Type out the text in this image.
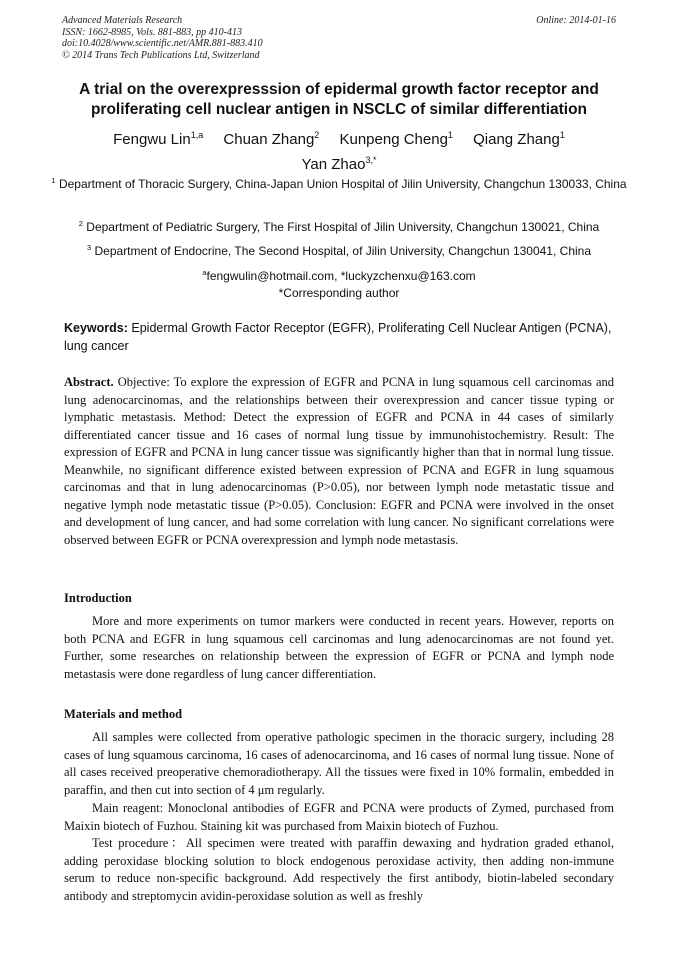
Advanced Materials Research
ISSN: 1662-8985, Vols. 881-883, pp 410-413
doi:10.4028/www.scientific.net/AMR.881-883.410
© 2014 Trans Tech Publications Ltd, Switzerland
Online: 2014-01-16
A trial on the overexpresssion of epidermal growth factor receptor and proliferating cell nuclear antigen in NSCLC of similar differentiation
Fengwu Lin$^{1,a}$ Chuan Zhang$^2$ Kunpeng Cheng$^1$ Qiang Zhang$^1$
Yan Zhao$^{3,*}$
$^1$ Department of Thoracic Surgery, China-Japan Union Hospital of Jilin University, Changchun 130033, China
$^2$ Department of Pediatric Surgery, The First Hospital of Jilin University, Changchun 130021, China
$^3$ Department of Endocrine, The Second Hospital, of Jilin University, Changchun 130041, China
$^a$fengwulin@hotmail.com, *luckyzchenxu@163.com
*Corresponding author
Keywords: Epidermal Growth Factor Receptor (EGFR), Proliferating Cell Nuclear Antigen (PCNA), lung cancer
Abstract. Objective: To explore the expression of EGFR and PCNA in lung squamous cell carcinomas and lung adenocarcinomas, and the relationships between their overexpression and cancer tissue typing or lymphatic metastasis. Method: Detect the expression of EGFR and PCNA in 44 cases of similarly differentiated cancer tissue and 16 cases of normal lung tissue by immunohistochemistry. Result: The expression of EGFR and PCNA in lung cancer tissue was significantly higher than that in normal lung tissue. Meanwhile, no significant difference existed between expression of PCNA and EGFR in lung squamous carcinomas and that in lung adenocarcinomas (P>0.05), nor between lymph node metastatic tissue and negative lymph node metastatic tissue (P>0.05). Conclusion: EGFR and PCNA were involved in the onset and development of lung cancer, and had some correlation with lung cancer. No significant correlations were observed between EGFR or PCNA overexpression and lymph node metastasis.
Introduction
More and more experiments on tumor markers were conducted in recent years. However, reports on both PCNA and EGFR in lung squamous cell carcinomas and lung adenocarcinomas are not found yet. Further, some researches on relationship between the expression of EGFR or PCNA and lymph node metastasis were done regardless of lung cancer differentiation.
Materials and method
All samples were collected from operative pathologic specimen in the thoracic surgery, including 28 cases of lung squamous carcinoma, 16 cases of adenocarcinoma, and 16 cases of normal lung tissue. None of all cases received preoperative chemoradiotherapy. All the tissues were fixed in 10% formalin, embedded in paraffin, and then cut into section of 4 μm regularly.
Main reagent: Monoclonal antibodies of EGFR and PCNA were products of Zymed, purchased from Maixin biotech of Fuzhou. Staining kit was purchased from Maixin biotech of Fuzhou.
Test procedure：All specimen were treated with paraffin dewaxing and hydration graded ethanol, adding peroxidase blocking solution to block endogenous peroxidase activity, then adding non-immune serum to reduce non-specific background. Add respectively the first antibody, biotin-labeled secondary antibody and streptomycin avidin-peroxidase solution as well as freshly
